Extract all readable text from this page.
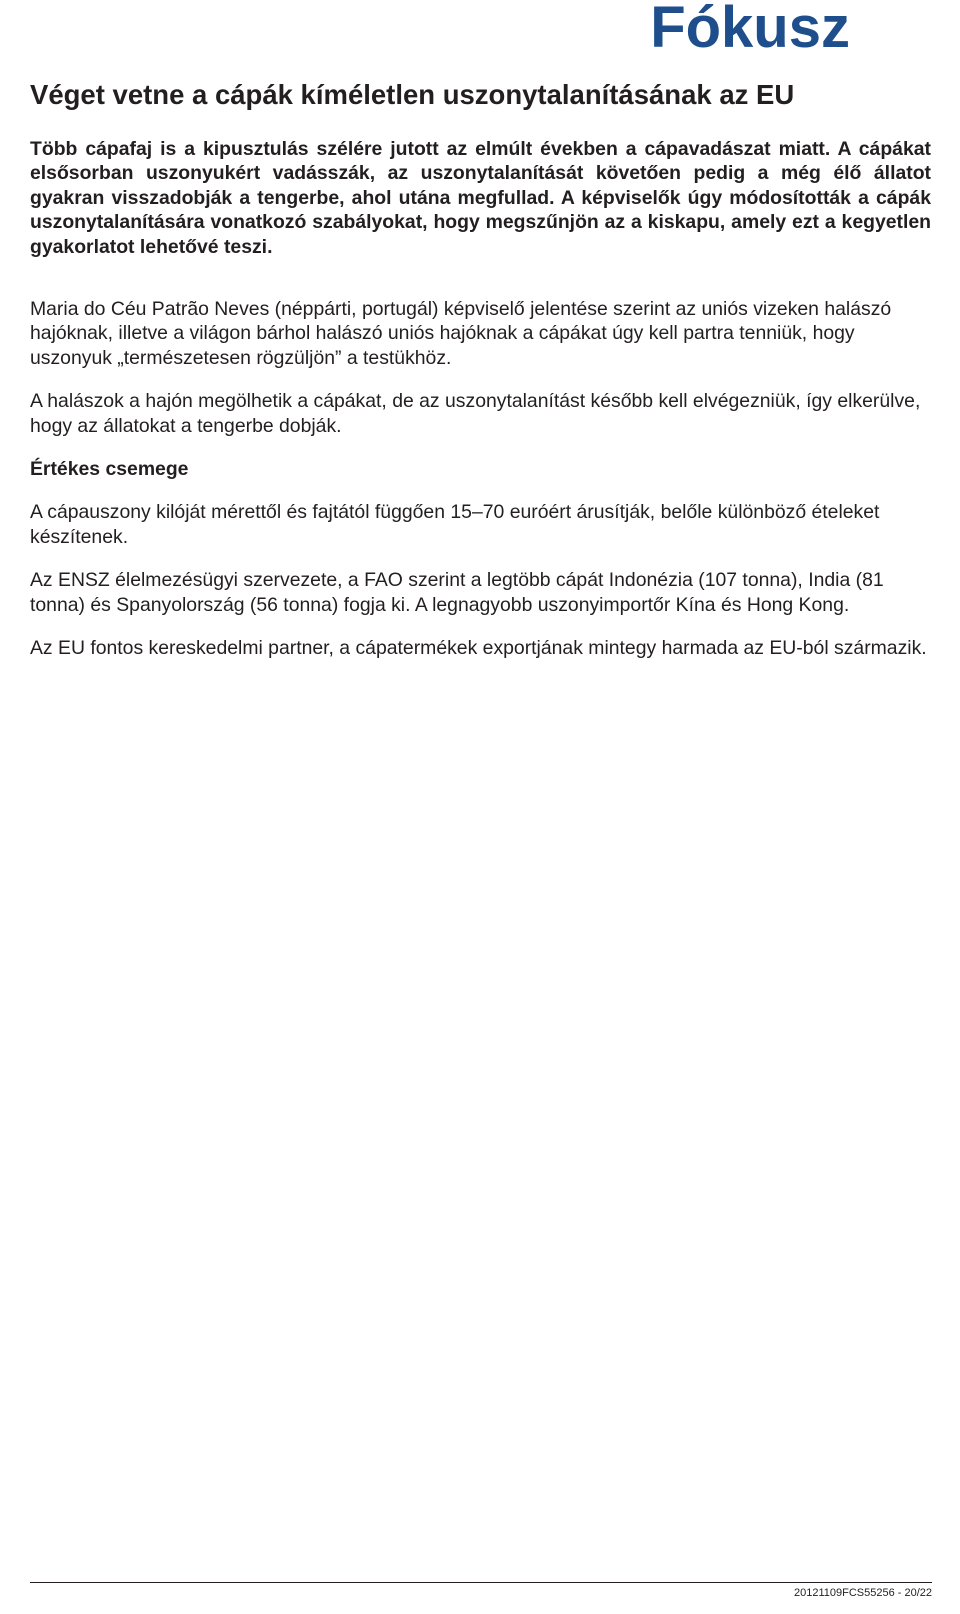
Fókusz
Véget vetne a cápák kíméletlen uszonytalanításának az EU

Több cápafaj is a kipusztulás szélére jutott az elmúlt években a cápavadászat miatt. A cápákat elsősorban uszonyukért vadásszák, az uszonytalanítását követően pedig a még élő állatot gyakran visszadobják a tengerbe, ahol utána megfullad. A képviselők úgy módosították a cápák uszonytalanítására vonatkozó szabályokat, hogy megszűnjön az a kiskapu, amely ezt a kegyetlen gyakorlatot lehetővé teszi.

Maria do Céu Patrão Neves (néppárti, portugál) képviselő jelentése szerint az uniós vizeken halászó hajóknak, illetve a világon bárhol halászó uniós hajóknak a cápákat úgy kell partra tenniük, hogy uszonyuk „természetesen rögzüljön” a testükhöz.

A halászok a hajón megölhetik a cápákat, de az uszonytalanítást később kell elvégezniük, így elkerülve, hogy az állatokat a tengerbe dobják.

Értékes csemege

A cápauszony kilóját mérettől és fajtától függően 15–70 euróért árusítják, belőle különböző ételeket készítenek.

Az ENSZ élelmezésügyi szervezete, a FAO szerint a legtöbb cápát Indonézia (107 tonna), India (81 tonna) és Spanyolország (56 tonna) fogja ki. A legnagyobb uszonyimportőr Kína és Hong Kong.

Az EU fontos kereskedelmi partner, a cápatermékek exportjának mintegy harmada az EU-ból származik.

20121109FCS55256 - 20/22
